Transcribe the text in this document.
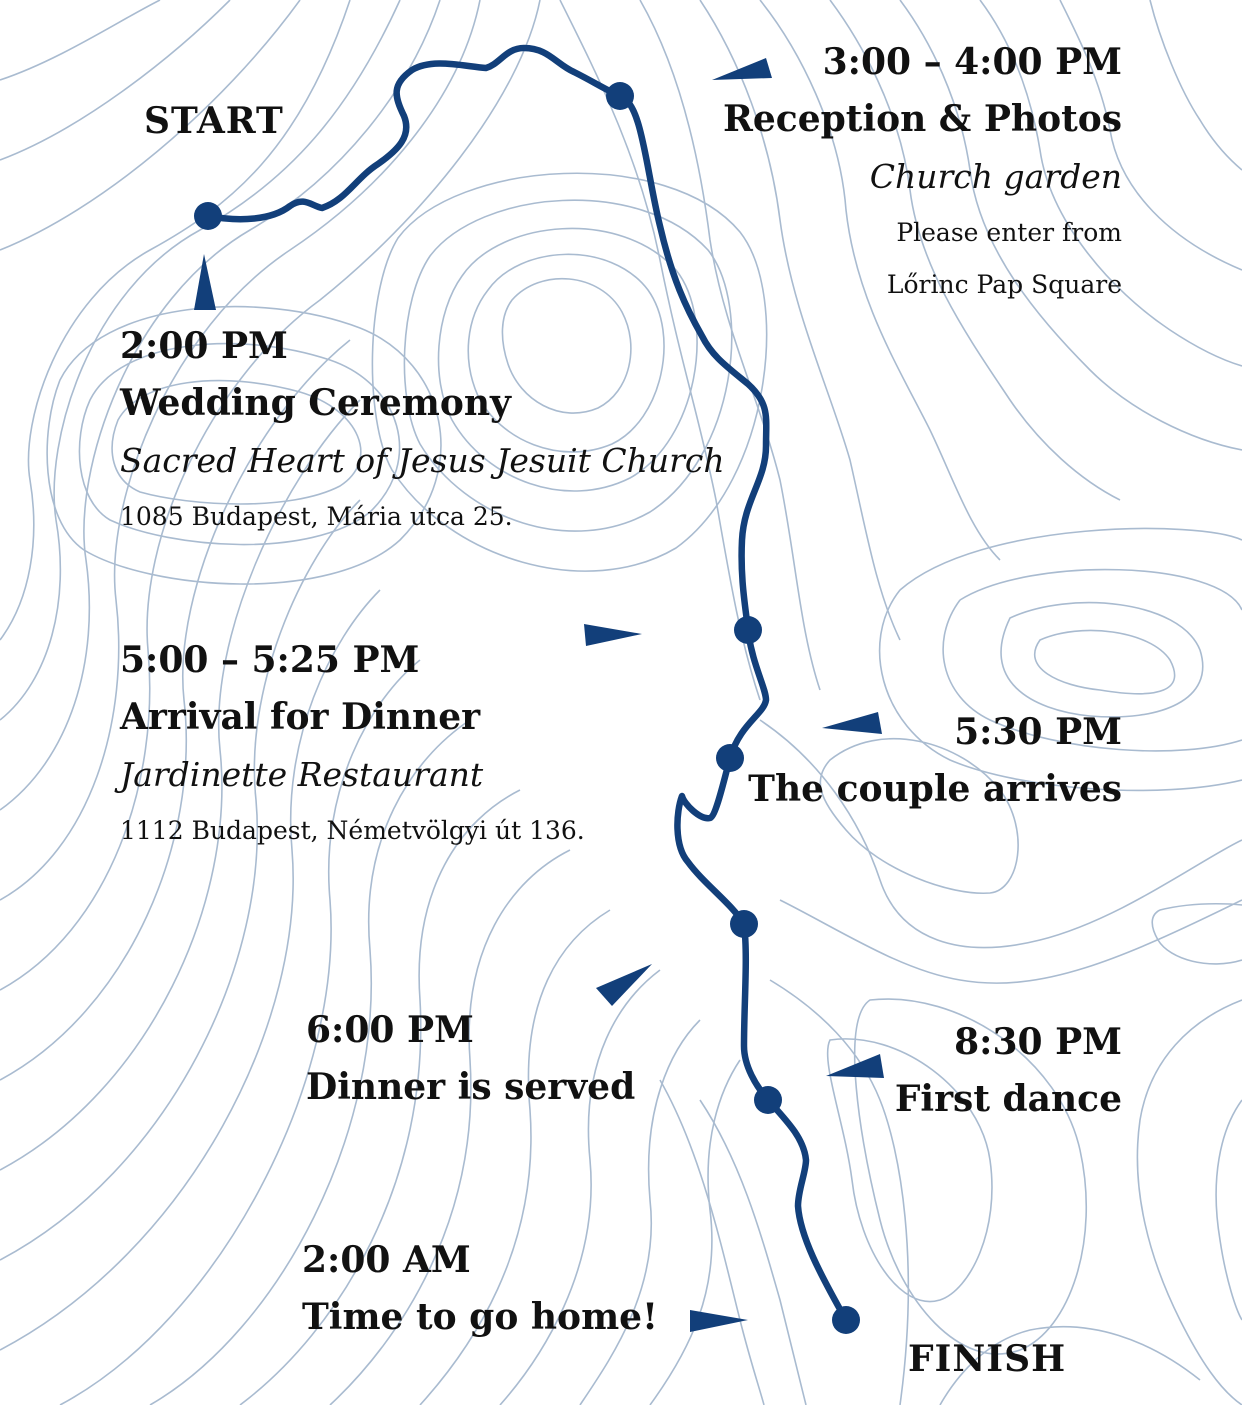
START
FINISH
2:00 PM
Wedding Ceremony
Sacred Heart of Jesus Jesuit Church
1085 Budapest, Mária utca 25.
3:00 – 4:00 PM
Reception & Photos
Church garden
Please enter from
Lőrinc Pap Square
5:00 – 5:25 PM
Arrival for Dinner
Jardinette Restaurant
1112 Budapest, Németvölgyi út 136.
5:30 PM
The couple arrives
6:00 PM
Dinner is served
8:30 PM
First dance
2:00 AM
Time to go home!
